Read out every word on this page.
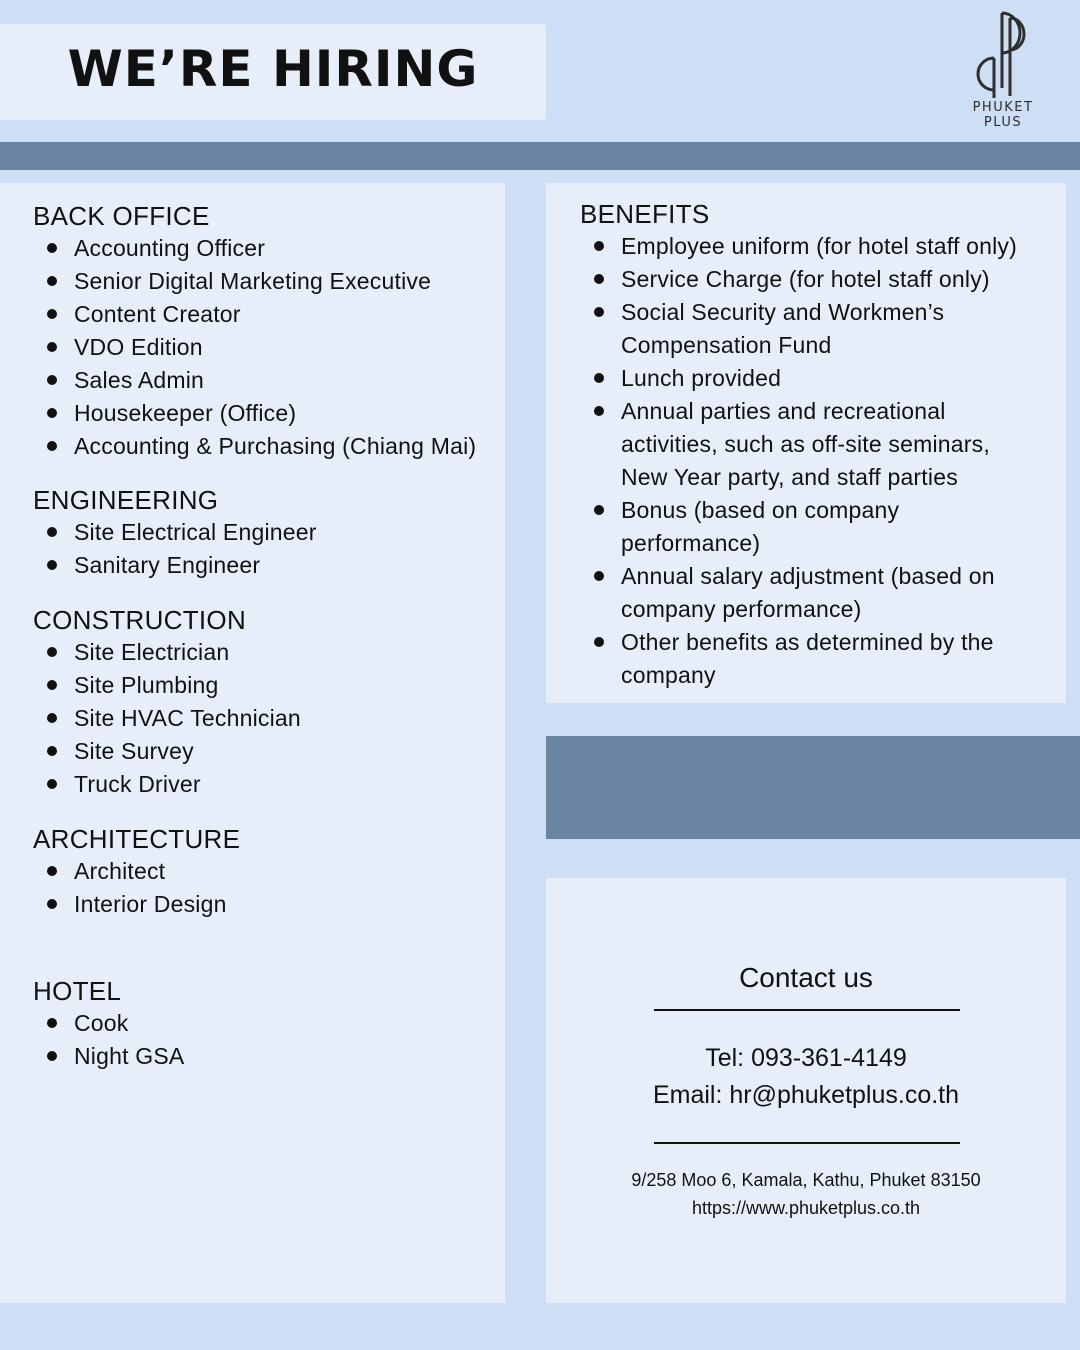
WE’RE HIRING
PHUKET
PLUS
BACK OFFICE
Accounting Officer
Senior Digital Marketing Executive
Content Creator
VDO Edition
Sales Admin
Housekeeper (Office)
Accounting & Purchasing (Chiang Mai)
ENGINEERING
Site Electrical Engineer
Sanitary Engineer
CONSTRUCTION
Site Electrician
Site Plumbing
Site HVAC Technician
Site Survey
Truck Driver
ARCHITECTURE
Architect
Interior Design
HOTEL
Cook
Night GSA
BENEFITS
Employee uniform (for hotel staff only)
Service Charge (for hotel staff only)
Social Security and Workmen’s Compensation Fund
Lunch provided
Annual parties and recreational activities, such as off-site seminars, New Year party, and staff parties
Bonus (based on company performance)
Annual salary adjustment (based on company performance)
Other benefits as determined by the company
Contact us
Tel: 093-361-4149
Email: hr@phuketplus.co.th
9/258 Moo 6, Kamala, Kathu, Phuket 83150
https://www.phuketplus.co.th
